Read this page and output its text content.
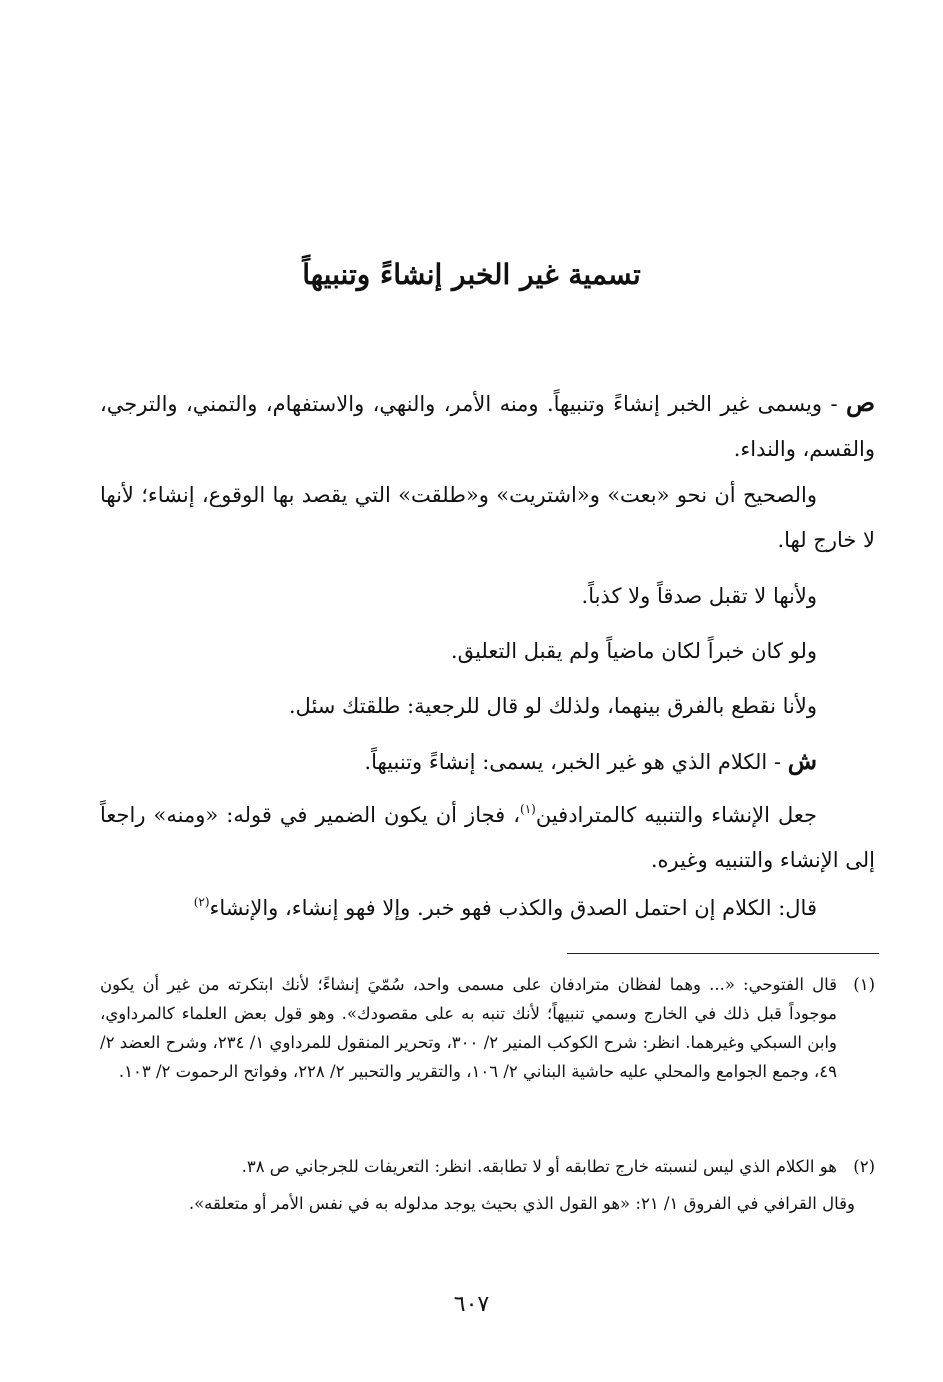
تسمية غير الخبر إنشاءً وتنبيهاً
ص - ويسمى غير الخبر إنشاءً وتنبيهاً. ومنه الأمر، والنهي، والاستفهام، والتمني، والترجي، والقسم، والنداء.
والصحيح أن نحو «بعت» و«اشتريت» و«طلقت» التي يقصد بها الوقوع، إنشاء؛ لأنها لا خارج لها.
ولأنها لا تقبل صدقاً ولا كذباً.
ولو كان خبراً لكان ماضياً ولم يقبل التعليق.
ولأنا نقطع بالفرق بينهما، ولذلك لو قال للرجعية: طلقتك سئل.
ش - الكلام الذي هو غير الخبر، يسمى: إنشاءً وتنبيهاً.
جعل الإنشاء والتنبيه كالمترادفين$^{(١)}$، فجاز أن يكون الضمير في قوله: «ومنه» راجعاً إلى الإنشاء والتنبيه وغيره.
قال: الكلام إن احتمل الصدق والكذب فهو خبر. وإلا فهو إنشاء، والإنشاء$^{(٢)}$
(١)
قال الفتوحي: «... وهما لفظان مترادفان على مسمى واحد، سُمّيَ إنشاءً؛ لأنك ابتكرته من غير أن يكون موجوداً قبل ذلك في الخارج وسمي تنبيهاً؛ لأنك تنبه به على مقصودك». وهو قول بعض العلماء كالمرداوي، وابن السبكي وغيرهما. انظر: شرح الكوكب المنير ٢/ ٣٠٠، وتحرير المنقول للمرداوي ١/ ٢٣٤، وشرح العضد ٢/ ٤٩، وجمع الجوامع والمحلي عليه حاشية البناني ٢/ ١٠٦، والتقرير والتحبير ٢/ ٢٢٨، وفواتح الرحموت ٢/ ١٠٣.
(٢)
هو الكلام الذي ليس لنسبته خارج تطابقه أو لا تطابقه. انظر: التعريفات للجرجاني ص ٣٨.
وقال القرافي في الفروق ١/ ٢١: «هو القول الذي بحيث يوجد مدلوله به في نفس الأمر أو متعلقه».
٦٠٧
